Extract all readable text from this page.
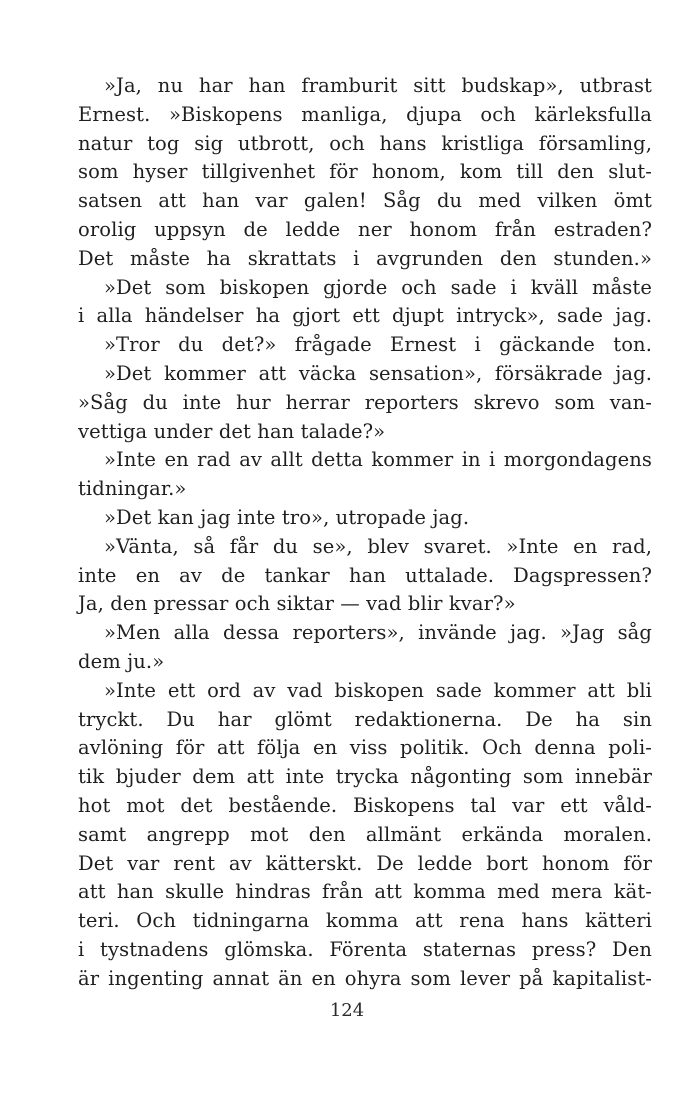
»Ja, nu har han framburit sitt budskap», utbrast
Ernest. »Biskopens manliga, djupa och kärleksfulla
natur tog sig utbrott, och hans kristliga församling,
som hyser tillgivenhet för honom, kom till den slut-
satsen att han var galen! Såg du med vilken ömt
orolig uppsyn de ledde ner honom från estraden?
Det måste ha skrattats i avgrunden den stunden.»
»Det som biskopen gjorde och sade i kväll måste
i alla händelser ha gjort ett djupt intryck», sade jag.
»Tror du det?» frågade Ernest i gäckande ton.
»Det kommer att väcka sensation», försäkrade jag.
»Såg du inte hur herrar reporters skrevo som van-
vettiga under det han talade?»
»Inte en rad av allt detta kommer in i morgondagens
tidningar.»
»Det kan jag inte tro», utropade jag.
»Vänta, så får du se», blev svaret. »Inte en rad,
inte en av de tankar han uttalade. Dagspressen?
Ja, den pressar och siktar — vad blir kvar?»
»Men alla dessa reporters», invände jag. »Jag såg
dem ju.»
»Inte ett ord av vad biskopen sade kommer att bli
tryckt. Du har glömt redaktionerna. De ha sin
avlöning för att följa en viss politik. Och denna poli-
tik bjuder dem att inte trycka någonting som innebär
hot mot det bestående. Biskopens tal var ett våld-
samt angrepp mot den allmänt erkända moralen.
Det var rent av kätterskt. De ledde bort honom för
att han skulle hindras från att komma med mera kät-
teri. Och tidningarna komma att rena hans kätteri
i tystnadens glömska. Förenta staternas press? Den
är ingenting annat än en ohyra som lever på kapitalist-
124
